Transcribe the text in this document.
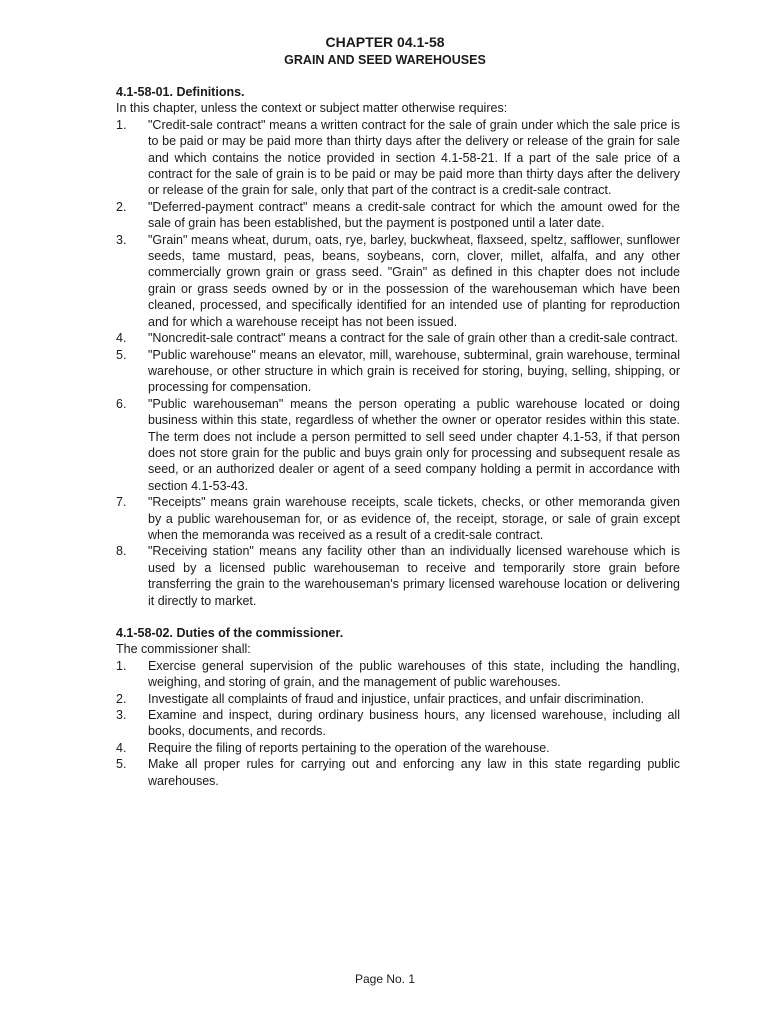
CHAPTER 04.1-58
GRAIN AND SEED WAREHOUSES
4.1-58-01. Definitions.
In this chapter, unless the context or subject matter otherwise requires:
1.	"Credit-sale contract" means a written contract for the sale of grain under which the sale price is to be paid or may be paid more than thirty days after the delivery or release of the grain for sale and which contains the notice provided in section 4.1-58-21. If a part of the sale price of a contract for the sale of grain is to be paid or may be paid more than thirty days after the delivery or release of the grain for sale, only that part of the contract is a credit-sale contract.
2.	"Deferred-payment contract" means a credit-sale contract for which the amount owed for the sale of grain has been established, but the payment is postponed until a later date.
3.	"Grain" means wheat, durum, oats, rye, barley, buckwheat, flaxseed, speltz, safflower, sunflower seeds, tame mustard, peas, beans, soybeans, corn, clover, millet, alfalfa, and any other commercially grown grain or grass seed. "Grain" as defined in this chapter does not include grain or grass seeds owned by or in the possession of the warehouseman which have been cleaned, processed, and specifically identified for an intended use of planting for reproduction and for which a warehouse receipt has not been issued.
4.	"Noncredit-sale contract" means a contract for the sale of grain other than a credit-sale contract.
5.	"Public warehouse" means an elevator, mill, warehouse, subterminal, grain warehouse, terminal warehouse, or other structure in which grain is received for storing, buying, selling, shipping, or processing for compensation.
6.	"Public warehouseman" means the person operating a public warehouse located or doing business within this state, regardless of whether the owner or operator resides within this state. The term does not include a person permitted to sell seed under chapter 4.1-53, if that person does not store grain for the public and buys grain only for processing and subsequent resale as seed, or an authorized dealer or agent of a seed company holding a permit in accordance with section 4.1-53-43.
7.	"Receipts" means grain warehouse receipts, scale tickets, checks, or other memoranda given by a public warehouseman for, or as evidence of, the receipt, storage, or sale of grain except when the memoranda was received as a result of a credit-sale contract.
8.	"Receiving station" means any facility other than an individually licensed warehouse which is used by a licensed public warehouseman to receive and temporarily store grain before transferring the grain to the warehouseman's primary licensed warehouse location or delivering it directly to market.
4.1-58-02. Duties of the commissioner.
The commissioner shall:
1.	Exercise general supervision of the public warehouses of this state, including the handling, weighing, and storing of grain, and the management of public warehouses.
2.	Investigate all complaints of fraud and injustice, unfair practices, and unfair discrimination.
3.	Examine and inspect, during ordinary business hours, any licensed warehouse, including all books, documents, and records.
4.	Require the filing of reports pertaining to the operation of the warehouse.
5.	Make all proper rules for carrying out and enforcing any law in this state regarding public warehouses.
Page No. 1
